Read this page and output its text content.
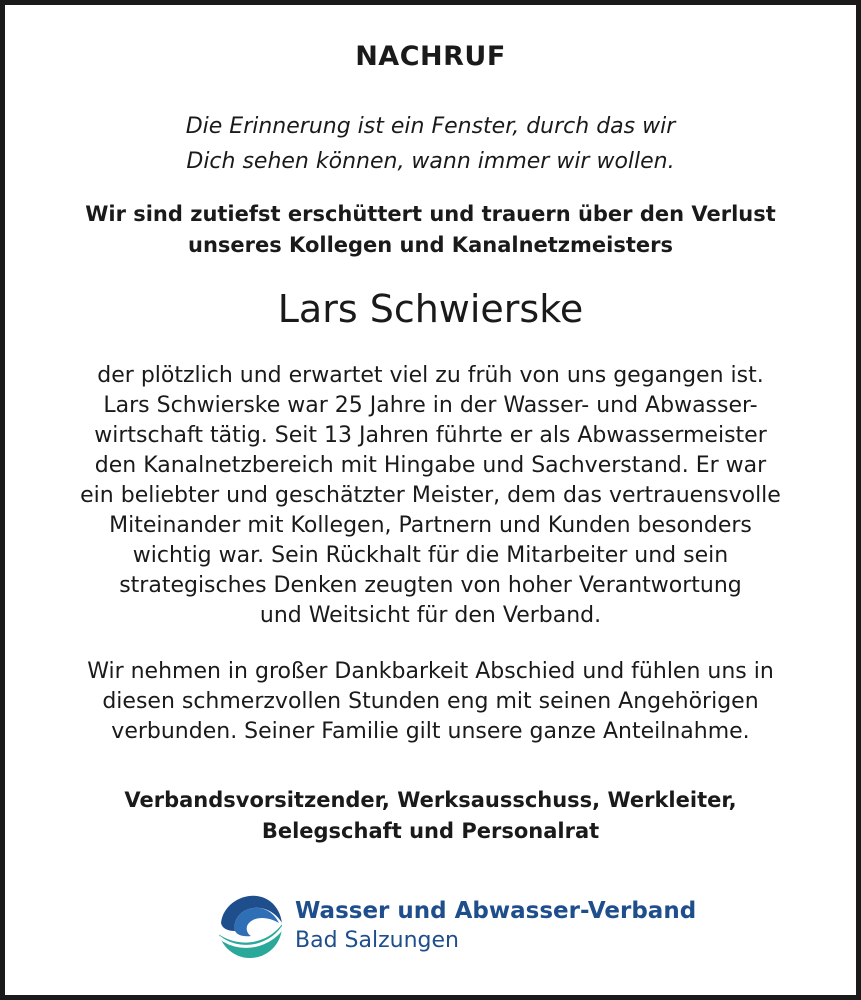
NACHRUF
Die Erinnerung ist ein Fenster, durch das wir
Dich sehen können, wann immer wir wollen.
Wir sind zutiefst erschüttert und trauern über den Verlust
unseres Kollegen und Kanalnetzmeisters
Lars Schwierske
der plötzlich und erwartet viel zu früh von uns gegangen ist.
Lars Schwierske war 25 Jahre in der Wasser- und Abwasser-
wirtschaft tätig. Seit 13 Jahren führte er als Abwassermeister
den Kanalnetzbereich mit Hingabe und Sachverstand. Er war
ein beliebter und geschätzter Meister, dem das vertrauensvolle
Miteinander mit Kollegen, Partnern und Kunden besonders
wichtig war. Sein Rückhalt für die Mitarbeiter und sein
strategisches Denken zeugten von hoher Verantwortung
und Weitsicht für den Verband.
Wir nehmen in großer Dankbarkeit Abschied und fühlen uns in
diesen schmerzvollen Stunden eng mit seinen Angehörigen
verbunden. Seiner Familie gilt unsere ganze Anteilnahme.
Verbandsvorsitzender, Werksausschuss, Werkleiter,
Belegschaft und Personalrat
Wasser und Abwasser-Verband
Bad Salzungen
